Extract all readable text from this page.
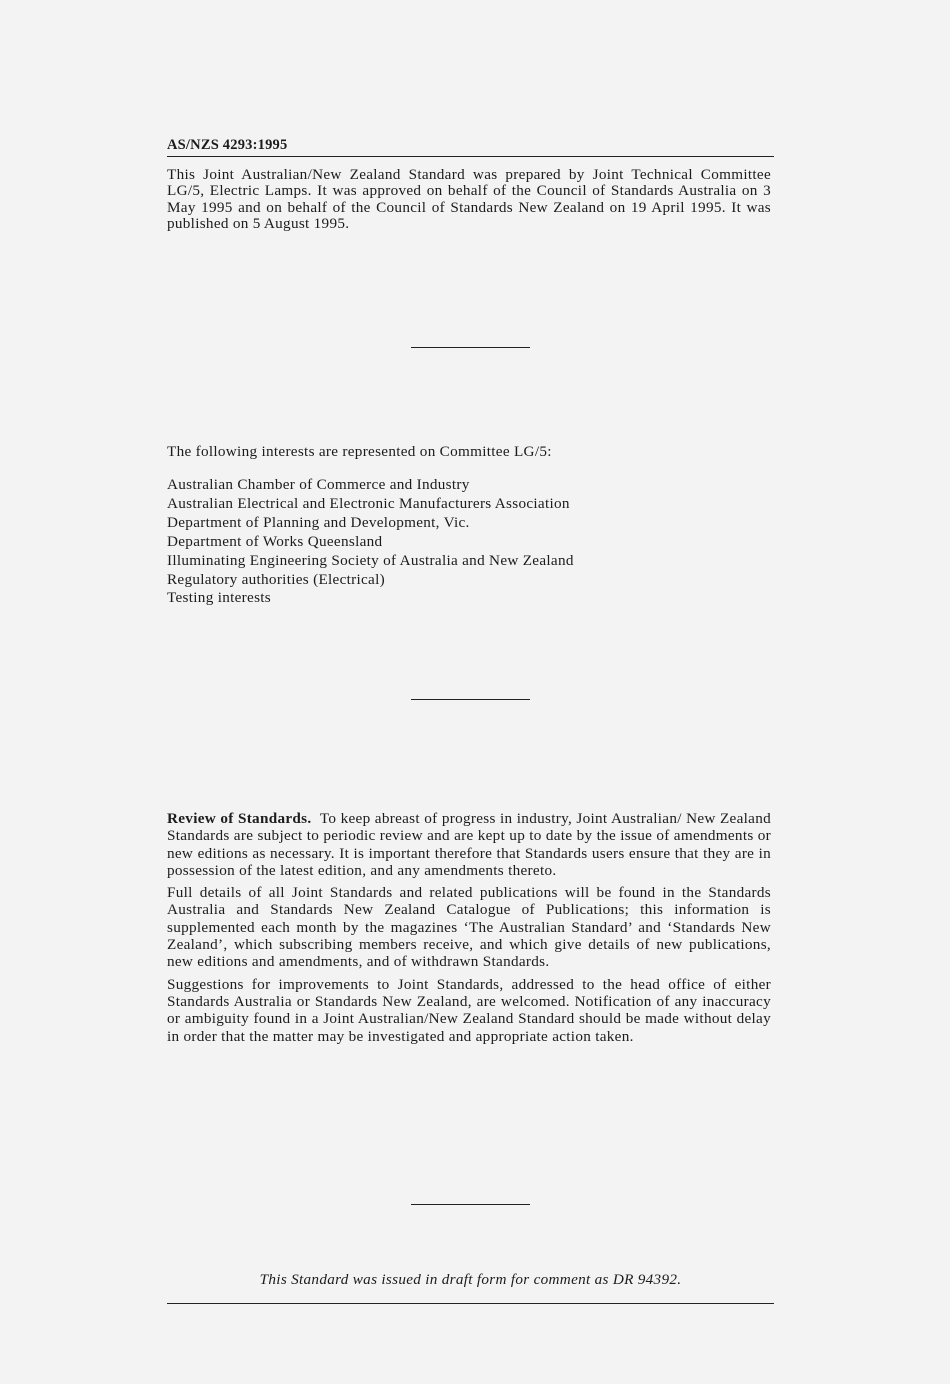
AS/NZS 4293:1995

This Joint Australian/New Zealand Standard was prepared by Joint Technical Committee LG/5, Electric Lamps. It was approved on behalf of the Council of Standards Australia on 3 May 1995 and on behalf of the Council of Standards New Zealand on 19 April 1995. It was published on 5 August 1995.

The following interests are represented on Committee LG/5:

Australian Chamber of Commerce and Industry
Australian Electrical and Electronic Manufacturers Association
Department of Planning and Development, Vic.
Department of Works Queensland
Illuminating Engineering Society of Australia and New Zealand
Regulatory authorities (Electrical)
Testing interests

Review of Standards. To keep abreast of progress in industry, Joint Australian/ New Zealand Standards are subject to periodic review and are kept up to date by the issue of amendments or new editions as necessary. It is important therefore that Standards users ensure that they are in possession of the latest edition, and any amendments thereto.

Full details of all Joint Standards and related publications will be found in the Standards Australia and Standards New Zealand Catalogue of Publications; this information is supplemented each month by the magazines ‘The Australian Standard’ and ‘Standards New Zealand’, which subscribing members receive, and which give details of new publications, new editions and amendments, and of withdrawn Standards.

Suggestions for improvements to Joint Standards, addressed to the head office of either Standards Australia or Standards New Zealand, are welcomed. Notification of any inaccuracy or ambiguity found in a Joint Australian/New Zealand Standard should be made without delay in order that the matter may be investigated and appropriate action taken.

This Standard was issued in draft form for comment as DR 94392.
